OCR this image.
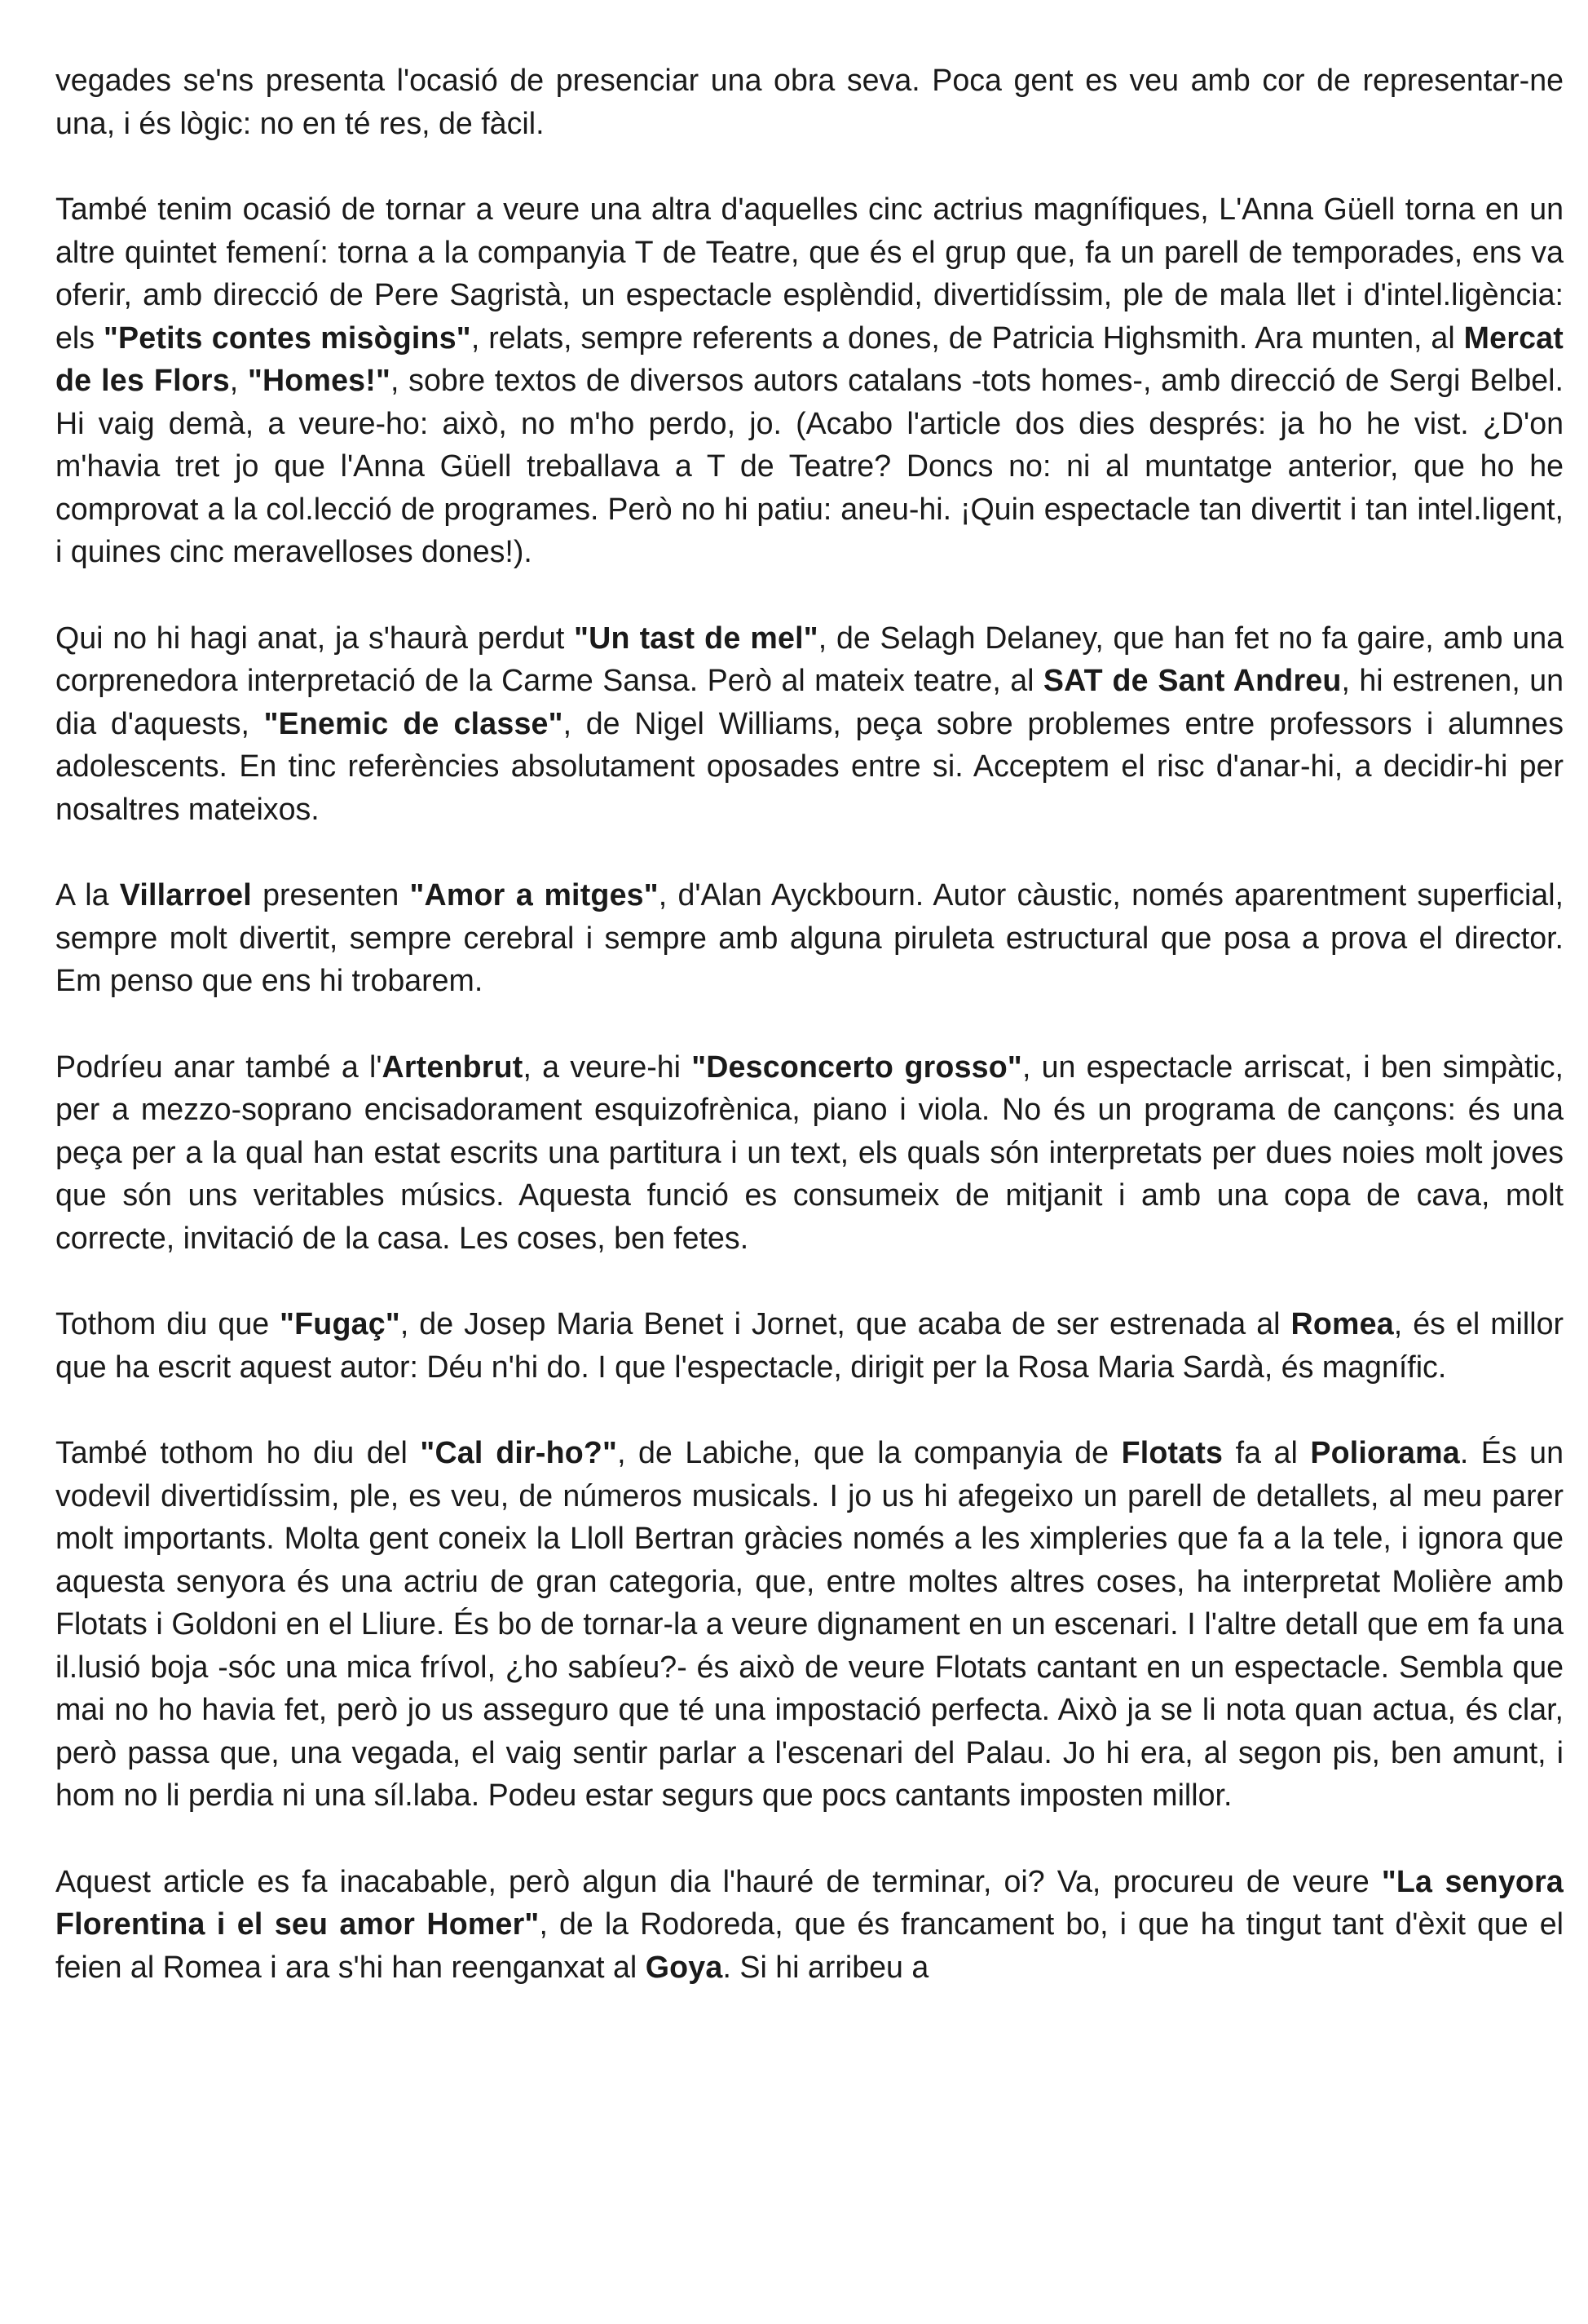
vegades se'ns presenta l'ocasió de presenciar una obra seva. Poca gent es veu amb cor de representar-ne una, i és lògic: no en té res, de fàcil.

També tenim ocasió de tornar a veure una altra d'aquelles cinc actrius magnífiques, L'Anna Güell torna en un altre quintet femení: torna a la companyia T de Teatre, que és el grup que, fa un parell de temporades, ens va oferir, amb direcció de Pere Sagristà, un espectacle esplèndid, divertidíssim, ple de mala llet i d'intel.ligència: els "Petits contes misògins", relats, sempre referents a dones, de Patricia Highsmith. Ara munten, al Mercat de les Flors, "Homes!", sobre textos de diversos autors catalans -tots homes-, amb direcció de Sergi Belbel. Hi vaig demà, a veure-ho: això, no m'ho perdo, jo. (Acabo l'article dos dies després: ja ho he vist. ¿D'on m'havia tret jo que l'Anna Güell treballava a T de Teatre? Doncs no: ni al muntatge anterior, que ho he comprovat a la col.lecció de programes. Però no hi patiu: aneu-hi. ¡Quin espectacle tan divertit i tan intel.ligent, i quines cinc meravelloses dones!).

Qui no hi hagi anat, ja s'haurà perdut "Un tast de mel", de Selagh Delaney, que han fet no fa gaire, amb una corprenedora interpretació de la Carme Sansa. Però al mateix teatre, al SAT de Sant Andreu, hi estrenen, un dia d'aquests, "Enemic de classe", de Nigel Williams, peça sobre problemes entre professors i alumnes adolescents. En tinc referències absolutament oposades entre si. Acceptem el risc d'anar-hi, a decidir-hi per nosaltres mateixos.

A la Villarroel presenten "Amor a mitges", d'Alan Ayckbourn. Autor càustic, només aparentment superficial, sempre molt divertit, sempre cerebral i sempre amb alguna piruleta estructural que posa a prova el director. Em penso que ens hi trobarem.

Podríeu anar també a l'Artenbrut, a veure-hi "Desconcerto grosso", un espectacle arriscat, i ben simpàtic, per a mezzo-soprano encisadorament esquizofrènica, piano i viola. No és un programa de cançons: és una peça per a la qual han estat escrits una partitura i un text, els quals són interpretats per dues noies molt joves que són uns veritables músics. Aquesta funció es consumeix de mitjanit i amb una copa de cava, molt correcte, invitació de la casa. Les coses, ben fetes.

Tothom diu que "Fugaç", de Josep Maria Benet i Jornet, que acaba de ser estrenada al Romea, és el millor que ha escrit aquest autor: Déu n'hi do. I que l'espectacle, dirigit per la Rosa Maria Sardà, és magnífic.

També tothom ho diu del "Cal dir-ho?", de Labiche, que la companyia de Flotats fa al Poliorama. És un vodevil divertidíssim, ple, es veu, de números musicals. I jo us hi afegeixo un parell de detallets, al meu parer molt importants. Molta gent coneix la Lloll Bertran gràcies només a les ximpleries que fa a la tele, i ignora que aquesta senyora és una actriu de gran categoria, que, entre moltes altres coses, ha interpretat Molière amb Flotats i Goldoni en el Lliure. És bo de tornar-la a veure dignament en un escenari. I l'altre detall que em fa una il.lusió boja -sóc una mica frívol, ¿ho sabíeu?- és això de veure Flotats cantant en un espectacle. Sembla que mai no ho havia fet, però jo us asseguro que té una impostació perfecta. Això ja se li nota quan actua, és clar, però passa que, una vegada, el vaig sentir parlar a l'escenari del Palau. Jo hi era, al segon pis, ben amunt, i hom no li perdia ni una síl.laba. Podeu estar segurs que pocs cantants imposten millor.

Aquest article es fa inacabable, però algun dia l'hauré de terminar, oi? Va, procureu de veure "La senyora Florentina i el seu amor Homer", de la Rodoreda, que és francament bo, i que ha tingut tant d'èxit que el feien al Romea i ara s'hi han reenganxat al Goya. Si hi arribeu a
